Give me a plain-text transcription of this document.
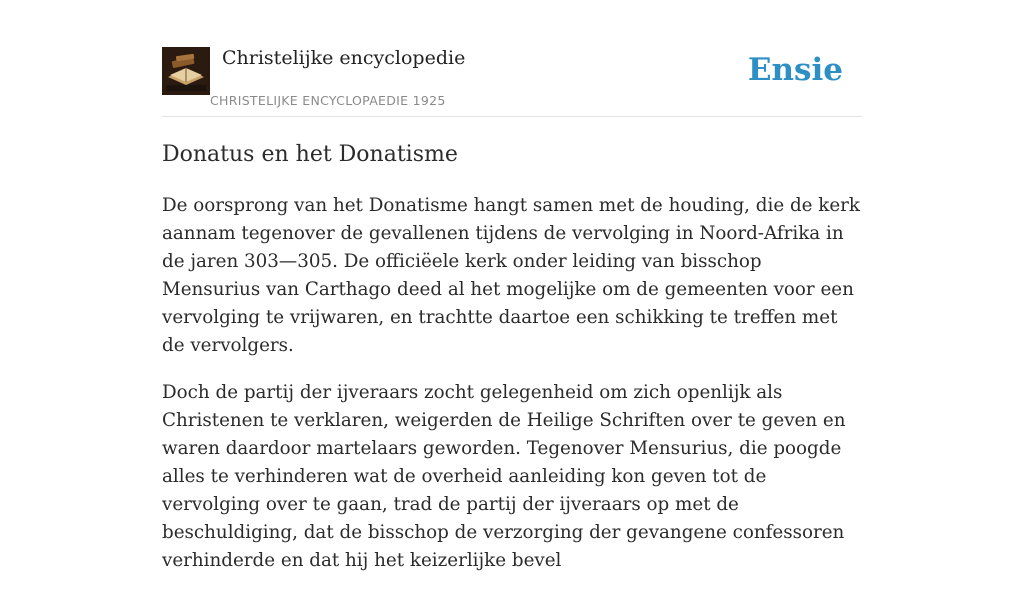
Christelijke encyclopedie
CHRISTELIJKE ENCYCLOPAEDIE 1925
Ensie
Donatus en het Donatisme

De oorsprong van het Donatisme hangt samen met de houding, die de kerk aannam tegenover de gevallenen tijdens de vervolging in Noord-Afrika in de jaren 303—305. De officiëele kerk onder leiding van bisschop Mensurius van Carthago deed al het mogelijke om de gemeenten voor een vervolging te vrijwaren, en trachtte daartoe een schikking te treffen met de vervolgers.

Doch de partij der ijveraars zocht gelegenheid om zich openlijk als Christenen te verklaren, weigerden de Heilige Schriften over te geven en waren daardoor martelaars geworden. Tegenover Mensurius, die poogde alles te verhinderen wat de overheid aanleiding kon geven tot de vervolging over te gaan, trad de partij der ijveraars op met de beschuldiging, dat de bisschop de verzorging der gevangene confessoren verhinderde en dat hij het keizerlijke bevel
